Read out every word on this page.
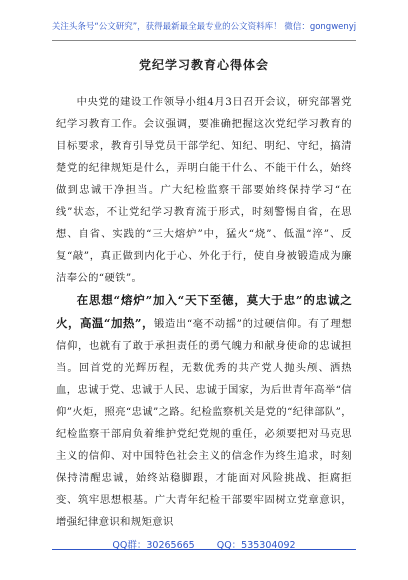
关注头条号“公文研究”，获得最新最全最专业的公文资料库！ 微信：gongwenyj
党纪学习教育心得体会

中央党的建设工作领导小组4月3日召开会议，研究部署党纪学习教育工作。会议强调，要准确把握这次党纪学习教育的目标要求，教育引导党员干部学纪、知纪、明纪、守纪，搞清楚党的纪律规矩是什么，弄明白能干什么、不能干什么，始终做到忠诚干净担当。广大纪检监察干部要始终保持学习“在线”状态，不让党纪学习教育流于形式，时刻警惕自省，在思想、自省、实践的“三大熔炉”中，猛火“烧”、低温“淬”、反复“敲”，真正做到内化于心、外化于行，使自身被锻造成为廉洁奉公的“硬铁”。

在思想“熔炉”加入“天下至德，莫大于忠”的忠诚之火，高温“加热”，锻造出“毫不动摇”的过硬信仰。有了理想信仰，也就有了敢于承担责任的勇气魄力和献身使命的忠诚担当。回首党的光辉历程，无数优秀的共产党人抛头颅、洒热血，忠诚于党、忠诚于人民、忠诚于国家，为后世青年高举“信仰”火炬，照亮“忠诚”之路。纪检监察机关是党的“纪律部队”，纪检监察干部肩负着维护党纪党规的重任，必须要把对马克思主义的信仰、对中国特色社会主义的信念作为终生追求，时刻保持清醒忠诚，始终站稳脚跟，才能面对风险挑战、拒腐拒变、筑牢思想根基。广大青年纪检干部要牢固树立党章意识，增强纪律意识和规矩意识

QQ群：30265665 QQ：535304092
